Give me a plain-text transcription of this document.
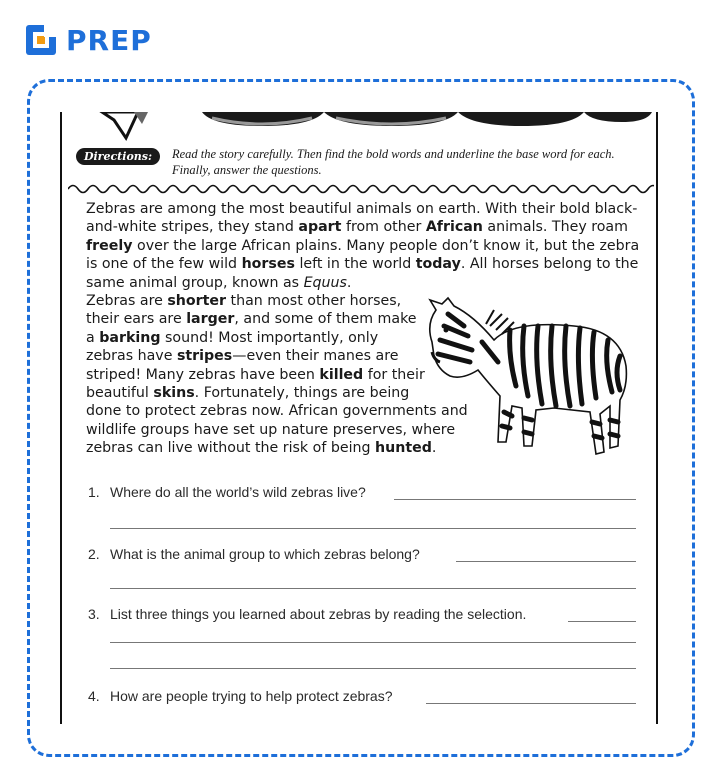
PREP
Directions:	Read the story carefully. Then find the bold words and underline the base word for each. Finally, answer the questions.

Zebras are among the most beautiful animals on earth. With their bold black-and-white stripes, they stand apart from other African animals. They roam freely over the large African plains. Many people don’t know it, but the zebra is one of the few wild horses left in the world today. All horses belong to the same animal group, known as Equus.

Zebras are shorter than most other horses,
their ears are larger, and some of them make
a barking sound! Most importantly, only
zebras have stripes—even their manes are
striped! Many zebras have been killed for their
beautiful skins. Fortunately, things are being
done to protect zebras now. African governments and
wildlife groups have set up nature preserves, where
zebras can live without the risk of being hunted.

1. Where do all the world’s wild zebras live?
2. What is the animal group to which zebras belong?
3. List three things you learned about zebras by reading the selection.
4. How are people trying to help protect zebras?
